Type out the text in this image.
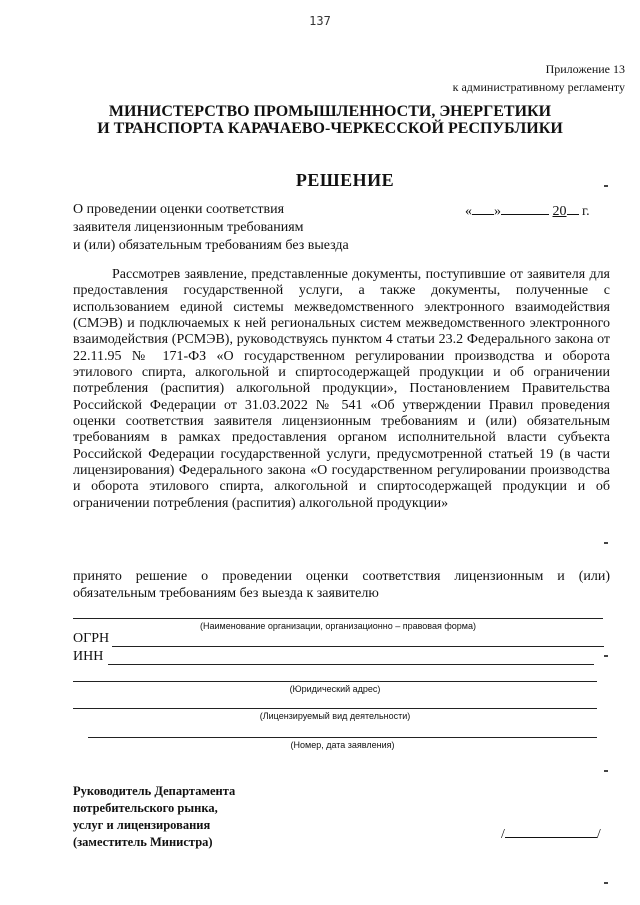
137
Приложение 13
к административному регламенту
МИНИСТЕРСТВО ПРОМЫШЛЕННОСТИ, ЭНЕРГЕТИКИ
И ТРАНСПОРТА КАРАЧАЕВО-ЧЕРКЕССКОЙ РЕСПУБЛИКИ
РЕШЕНИЕ
О проведении оценки соответствия
заявителя лицензионным требованиям
и (или) обязательным требованиям без выезда
« »	20 г.
Рассмотрев заявление, представленные документы, поступившие от заявителя для предоставления государственной услуги, а также документы, полученные с использованием единой системы межведомственного электронного взаимодействия (СМЭВ) и подключаемых к ней региональных систем межведомственного электронного взаимодействия (РСМЭВ), руководствуясь пунктом 4 статьи 23.2 Федерального закона от 22.11.95 № 171-ФЗ «О государственном регулировании производства и оборота этилового спирта, алкогольной и спиртосодержащей продукции и об ограничении потребления (распития) алкогольной продукции», Постановлением Правительства Российской Федерации от 31.03.2022 № 541 «Об утверждении Правил проведения оценки соответствия заявителя лицензионным требованиям и (или) обязательным требованиям в рамках предоставления органом исполнительной власти субъекта Российской Федерации государственной услуги, предусмотренной статьей 19 (в части лицензирования) Федерального закона «О государственном регулировании производства и оборота этилового спирта, алкогольной и спиртосодержащей продукции и об ограничении потребления (распития) алкогольной продукции»
принято решение о проведении оценки соответствия лицензионным и (или) обязательным требованиям без выезда к заявителю
(Наименование организации, организационно – правовая форма)
ОГРН
ИНН
(Юридический адрес)
(Лицензируемый вид деятельности)
(Номер, дата заявления)
Руководитель Департамента
потребительского рынка,
услуг и лицензирования
(заместитель Министра)	/	/
